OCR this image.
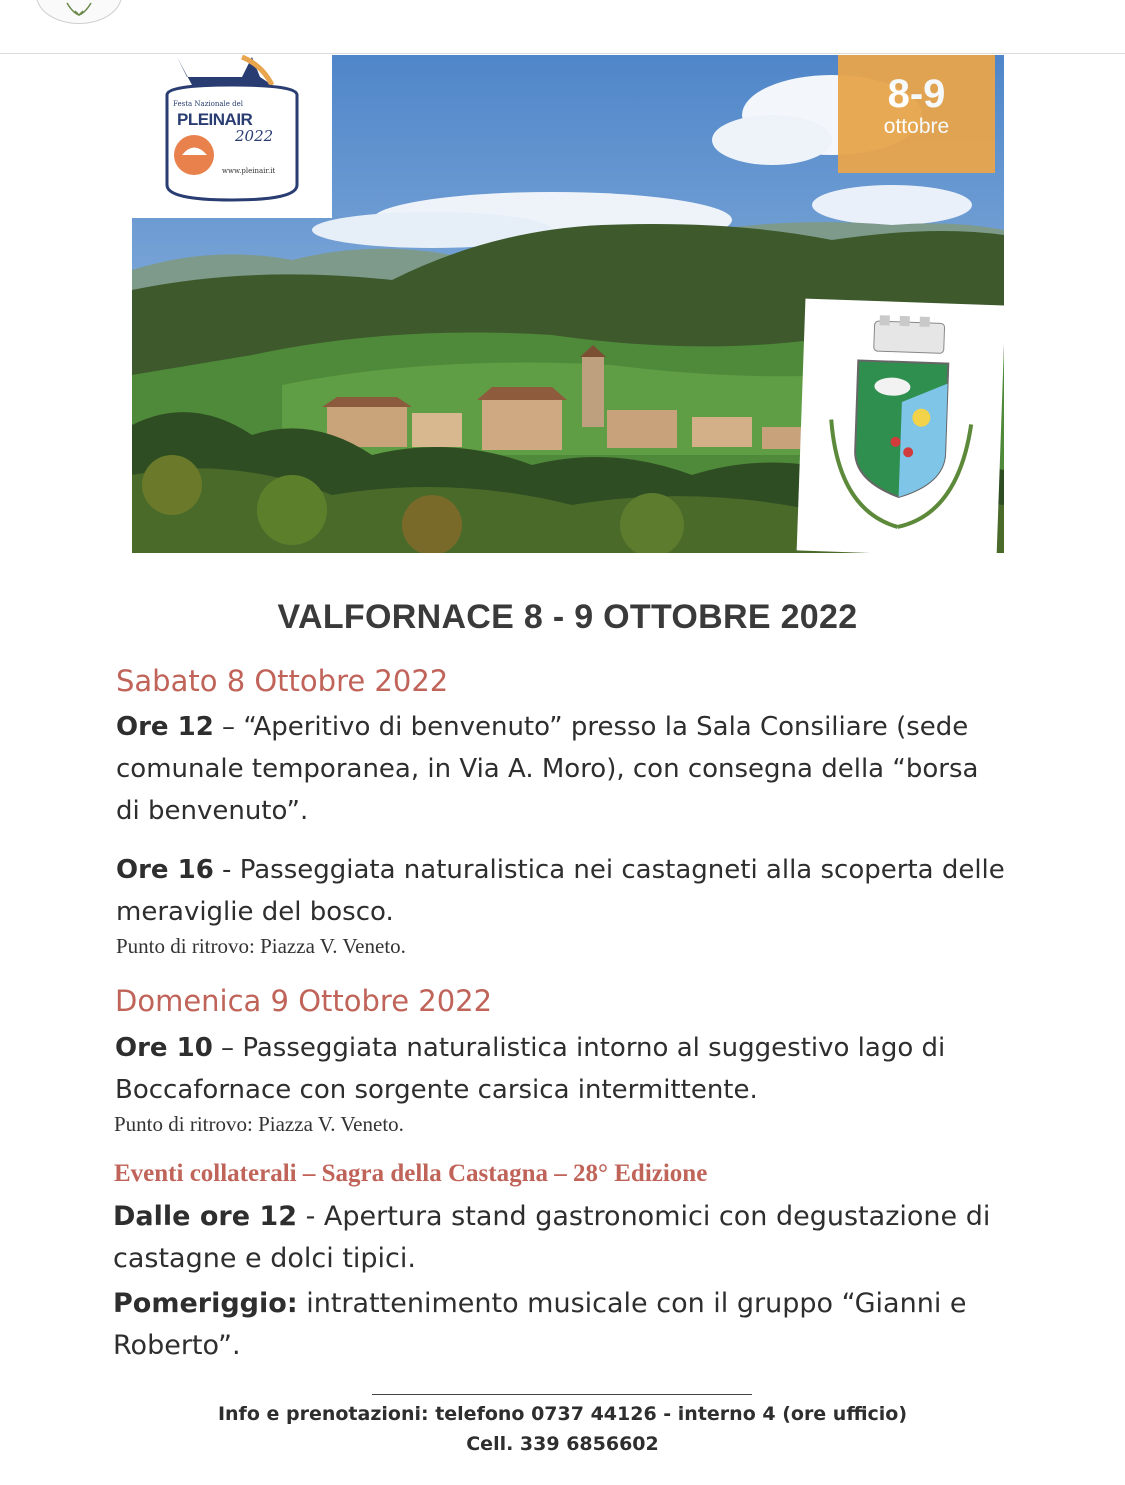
Festa Nazionale del
PLEINAIR
2022
www.pleinair.it
8-9
ottobre
VALFORNACE 8 - 9 OTTOBRE 2022
Sabato 8 Ottobre 2022
Ore 12 – “Aperitivo di benvenuto” presso la Sala Consiliare (sede
comunale temporanea, in Via A. Moro), con consegna della “borsa
di benvenuto”.
Ore 16 - Passeggiata naturalistica nei castagneti alla scoperta delle
meraviglie del bosco.
Punto di ritrovo: Piazza V. Veneto.
Domenica 9 Ottobre 2022
Ore 10 – Passeggiata naturalistica intorno al suggestivo lago di
Boccafornace con sorgente carsica intermittente.
Punto di ritrovo: Piazza V. Veneto.
Eventi collaterali – Sagra della Castagna – 28° Edizione
Dalle ore 12 - Apertura stand gastronomici con degustazione di
castagne e dolci tipici.
Pomeriggio: intrattenimento musicale con il gruppo “Gianni e
Roberto”.
Info e prenotazioni: telefono 0737 44126 - interno 4 (ore ufficio)
Cell. 339 6856602
